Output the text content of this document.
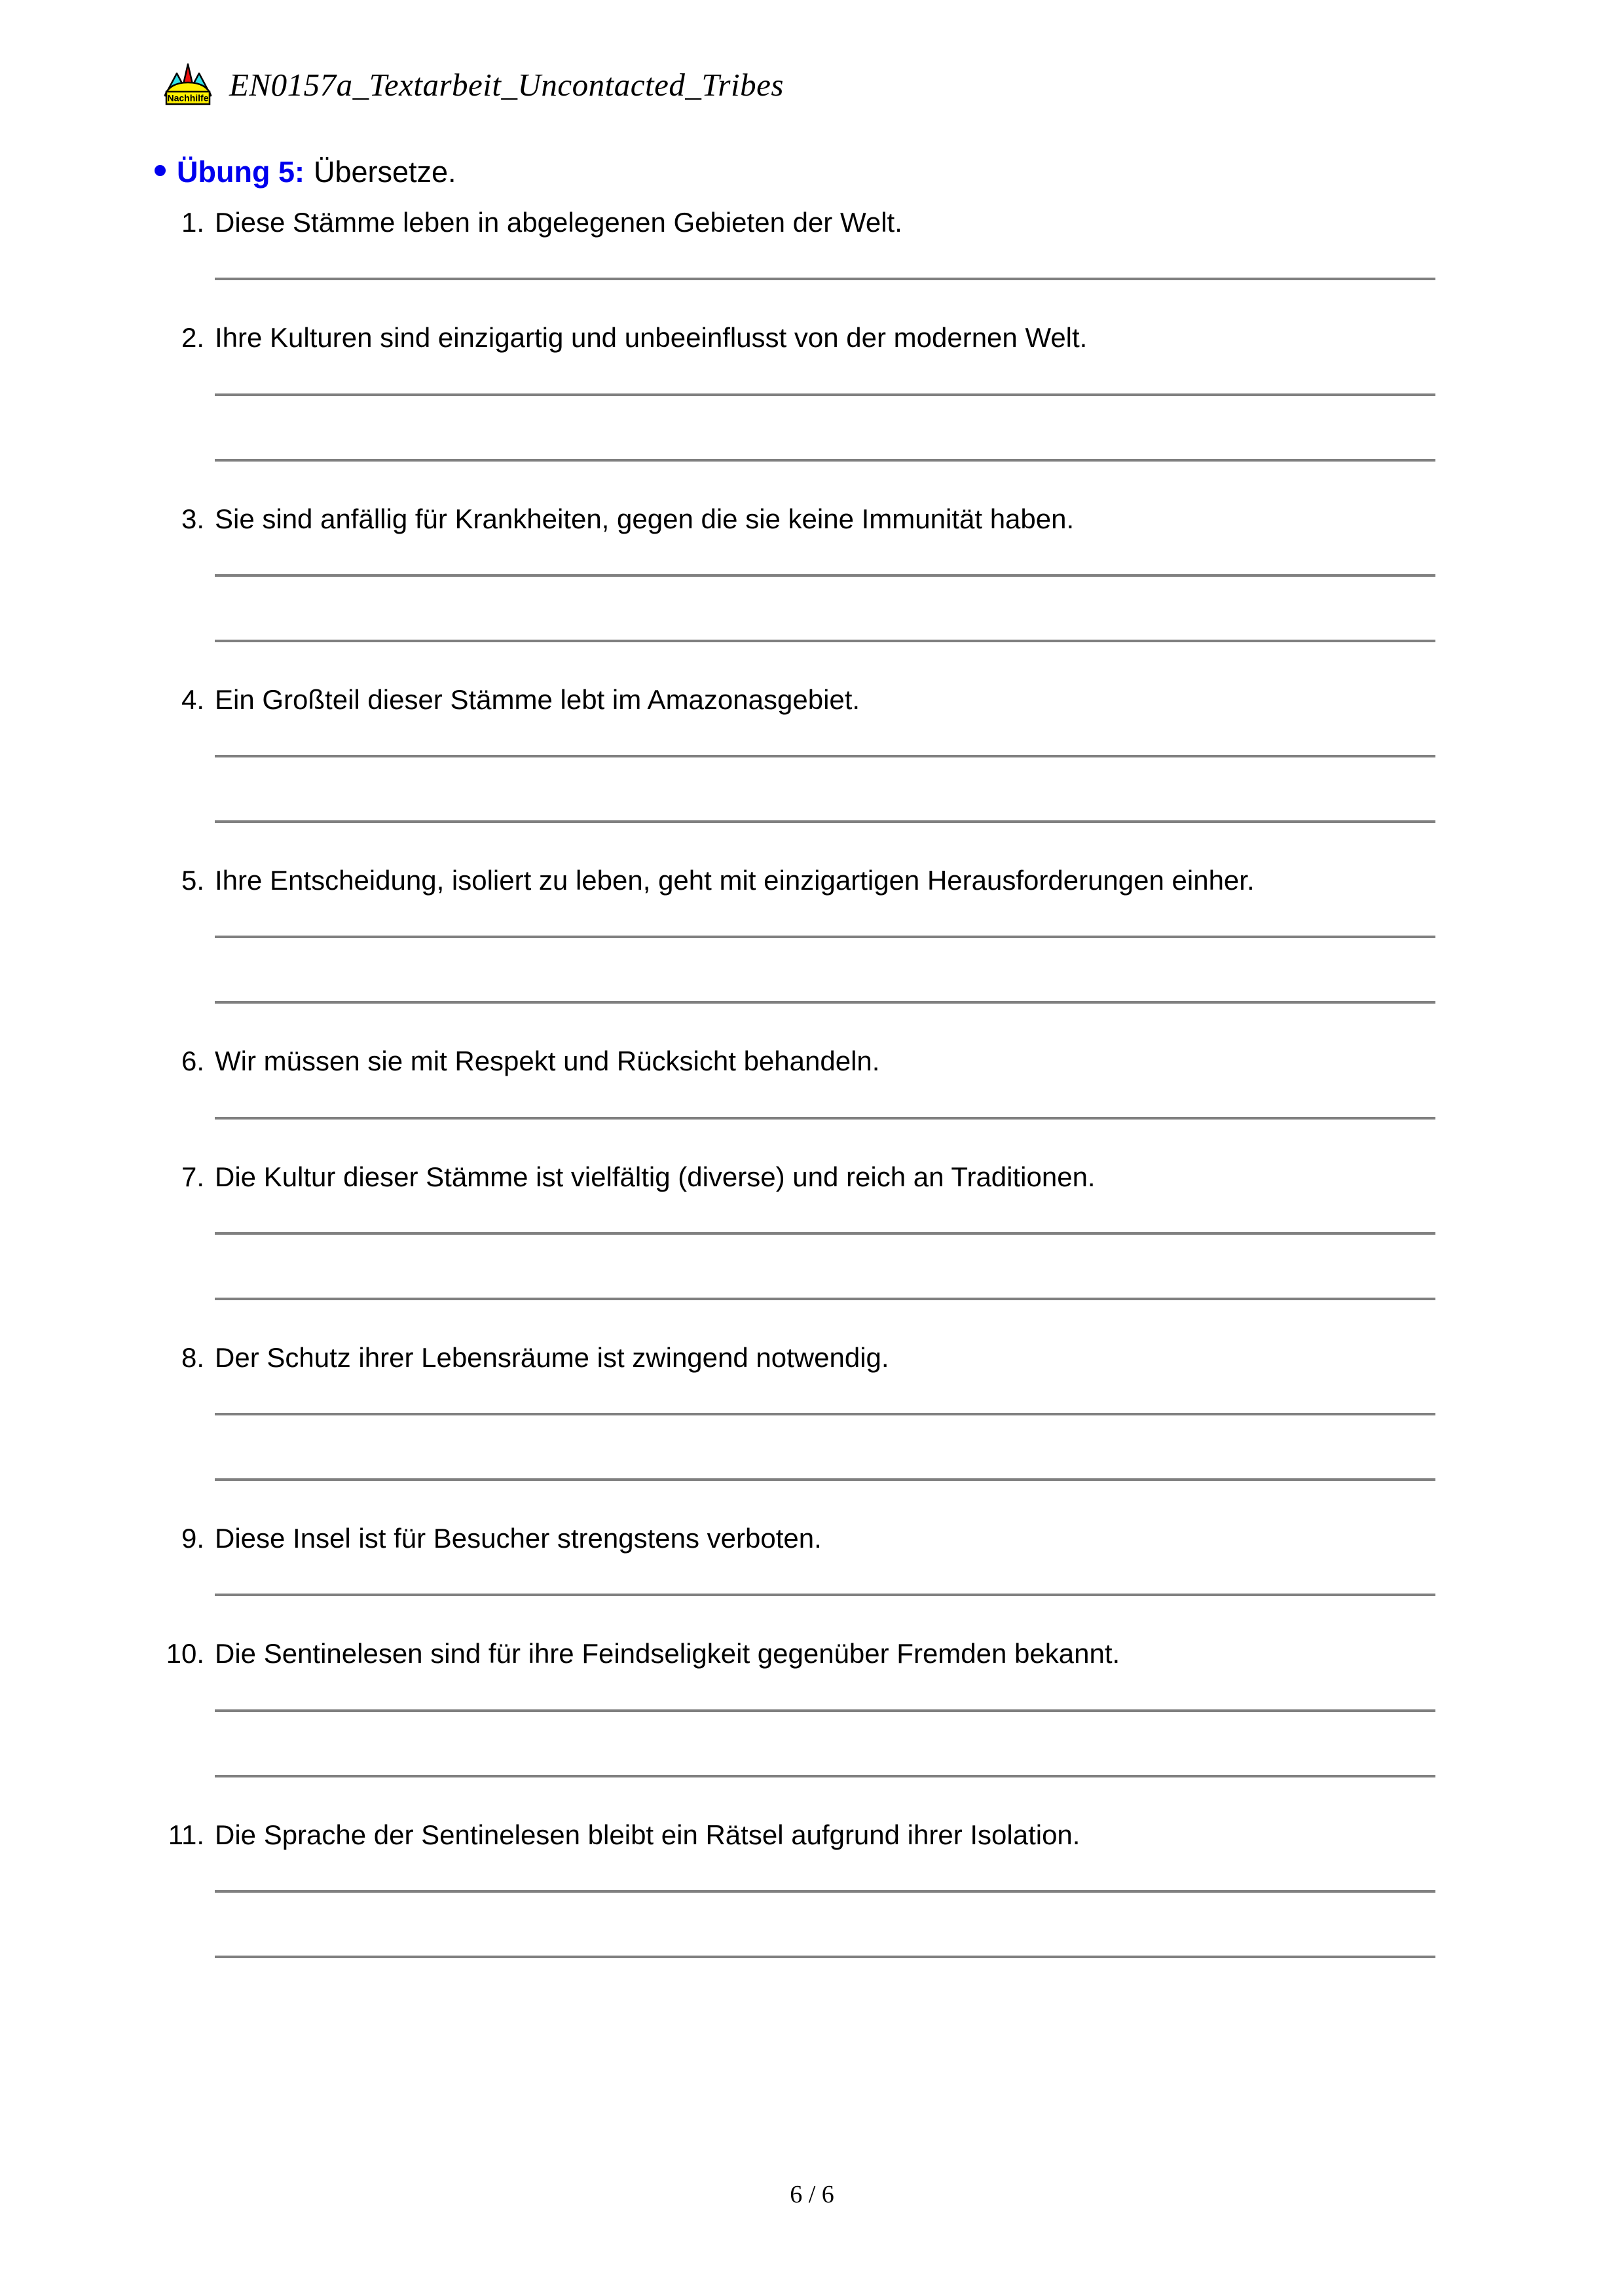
Nachhilfe EN0157a_Textarbeit_Uncontacted_Tribes
Übung 5: Übersetze.
1. Diese Stämme leben in abgelegenen Gebieten der Welt.
2. Ihre Kulturen sind einzigartig und unbeeinflusst von der modernen Welt.
3. Sie sind anfällig für Krankheiten, gegen die sie keine Immunität haben.
4. Ein Großteil dieser Stämme lebt im Amazonasgebiet.
5. Ihre Entscheidung, isoliert zu leben, geht mit einzigartigen Herausforderungen einher.
6. Wir müssen sie mit Respekt und Rücksicht behandeln.
7. Die Kultur dieser Stämme ist vielfältig (diverse) und reich an Traditionen.
8. Der Schutz ihrer Lebensräume ist zwingend notwendig.
9. Diese Insel ist für Besucher strengstens verboten.
10. Die Sentinelesen sind für ihre Feindseligkeit gegenüber Fremden bekannt.
11. Die Sprache der Sentinelesen bleibt ein Rätsel aufgrund ihrer Isolation.
6 / 6
